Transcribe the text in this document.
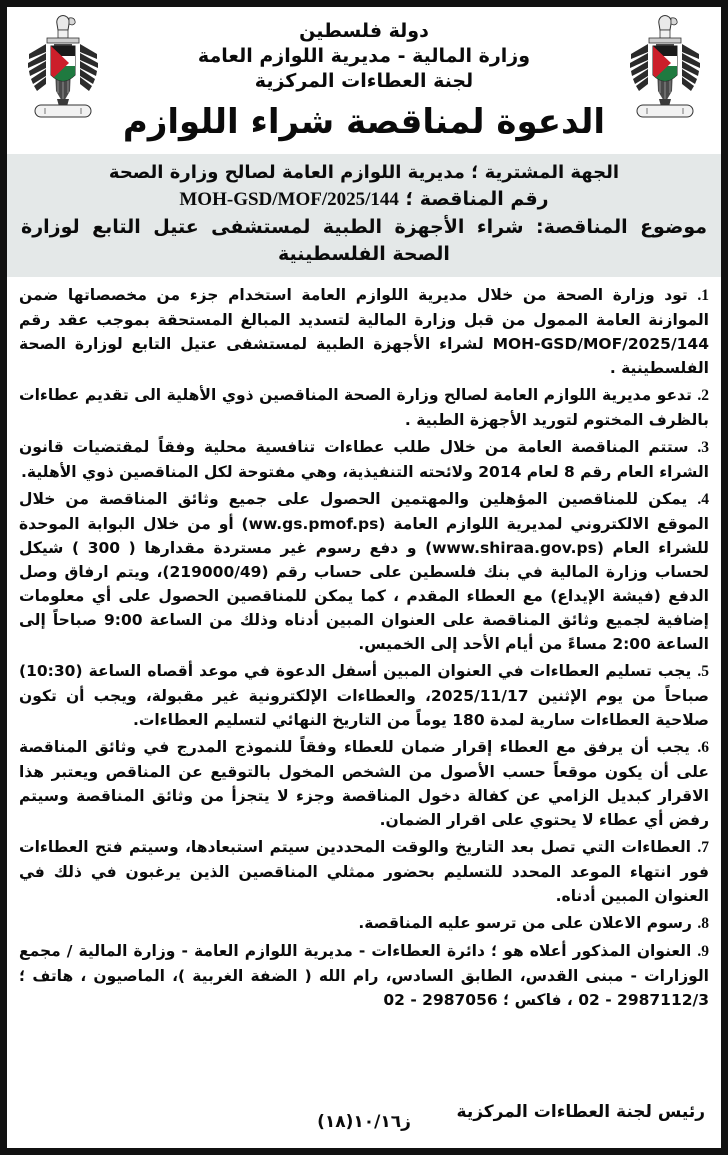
دولة فلسطين
وزارة المالية - مديرية اللوازم العامة
لجنة العطاءات المركزية
الدعوة لمناقصة شراء اللوازم
الجهة المشترية ؛ مديرية اللوازم العامة لصالح وزارة الصحة
رقم المناقصة ؛ MOH-GSD/MOF/2025/144
موضوع المناقصة: شراء الأجهزة الطبية لمستشفى عتيل التابع لوزارة الصحة الفلسطينية

1. تود وزارة الصحة من خلال مديرية اللوازم العامة استخدام جزء من مخصصاتها ضمن الموازنة العامة الممول من قبل وزارة المالية لتسديد المبالغ المستحقة بموجب عقد رقم MOH-GSD/MOF/2025/144 لشراء الأجهزة الطبية لمستشفى عتيل التابع لوزارة الصحة الفلسطينية .

2. تدعو مديرية اللوازم العامة لصالح وزارة الصحة المناقصين ذوي الأهلية الى تقديم عطاءات بالظرف المختوم لتوريد الأجهزة الطبية .

3. ستتم المناقصة العامة من خلال طلب عطاءات تنافسية محلية وفقاً لمقتضيات قانون الشراء العام رقم 8 لعام 2014 ولائحته التنفيذية، وهي مفتوحة لكل المناقصين ذوي الأهلية.

4. يمكن للمناقصين المؤهلين والمهتمين الحصول على جميع وثائق المناقصة من خلال الموقع الالكتروني لمديرية اللوازم العامة (ww.gs.pmof.ps) أو من خلال البوابة الموحدة للشراء العام (www.shiraa.gov.ps) و دفع رسوم غير مستردة مقدارها ( 300 ) شيكل لحساب وزارة المالية في بنك فلسطين على حساب رقم (219000/49)، ويتم ارفاق وصل الدفع (فيشة الإيداع) مع العطاء المقدم ، كما يمكن للمناقصين الحصول على أي معلومات إضافية لجميع وثائق المناقصة على العنوان المبين أدناه وذلك من الساعة 9:00 صباحاً إلى الساعة 2:00 مساءً من أيام الأحد إلى الخميس.

5. يجب تسليم العطاءات في العنوان المبين أسفل الدعوة في موعد أقصاه الساعة (10:30) صباحاً من يوم الإثنين 2025/11/17، والعطاءات الإلكترونية غير مقبولة، ويجب أن تكون صلاحية العطاءات سارية لمدة 180 يوماً من التاريخ النهائي لتسليم العطاءات.

6. يجب أن يرفق مع العطاء إقرار ضمان للعطاء وفقاً للنموذج المدرج في وثائق المناقصة على أن يكون موقعاً حسب الأصول من الشخص المخول بالتوقيع عن المناقص ويعتبر هذا الاقرار كبديل الزامي عن كفالة دخول المناقصة وجزء لا يتجزأ من وثائق المناقصة وسيتم رفض أي عطاء لا يحتوي على اقرار الضمان.

7. العطاءات التي تصل بعد التاريخ والوقت المحددين سيتم استبعادها، وسيتم فتح العطاءات فور انتهاء الموعد المحدد للتسليم بحضور ممثلي المناقصين الذين يرغبون في ذلك في العنوان المبين أدناه.

8. رسوم الاعلان على من ترسو عليه المناقصة.

9. العنوان المذكور أعلاه هو ؛ دائرة العطاءات - مديرية اللوازم العامة - وزارة المالية / مجمع الوزارات - مبنى القدس، الطابق السادس، رام الله ( الضفة الغربية )، الماصيون ، هاتف ؛ 2987112/3 - 02 ، فاكس ؛ 2987056 - 02

رئيس لجنة العطاءات المركزية
ز١٠/١٦(١٨)
